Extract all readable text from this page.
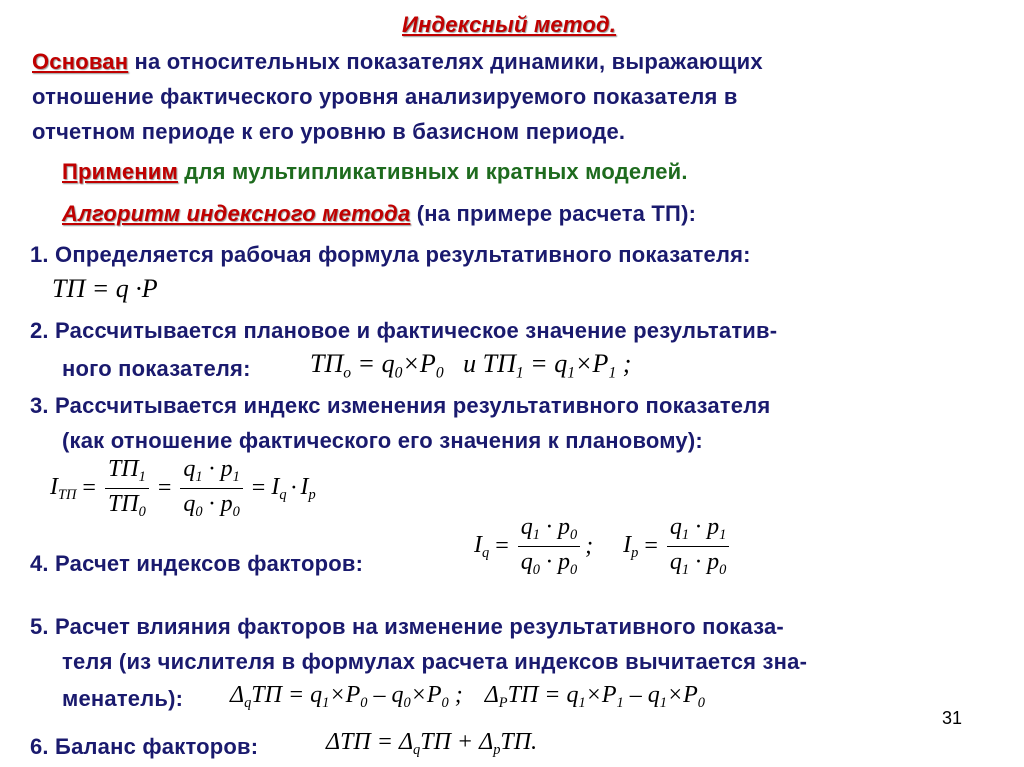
Индексный метод.
Основан на относительных показателях динамики, выражающих
отношение фактического уровня анализируемого показателя в
отчетном периоде к его уровню в базисном периоде.
Применим для мультипликативных и кратных моделей.
Алгоритм индексного метода (на примере расчета ТП):
1. Определяется рабочая формула результативного показателя:
ТП = q ·P
2. Рассчитывается плановое и фактическое значение результатив-
ного показателя: $ТП_o = q_0\times P_0$ и $ТП_1 = q_1\times P_1$ ;
3. Рассчитывается индекс изменения результативного показателя
(как отношение фактического его значения к плановому):
$I_{ТП} = \frac{ТП_1}{ТП_0} = \frac{q_1 \cdot p_1}{q_0 \cdot p_0} = I_q \cdot I_p$
4. Расчет индексов факторов:
$I_q = \frac{q_1 \cdot p_0}{q_0 \cdot p_0}$ ; $I_p = \frac{q_1 \cdot p_1}{q_1 \cdot p_0}$
5. Расчет влияния факторов на изменение результативного показа-
теля (из числителя в формулах расчета индексов вычитается зна-
менатель): $\Delta_qТП = q_1\times P_0 - q_0\times P_0$ ; $\Delta_PТП = q_1\times P_1 - q_1\times P_0$
31
6. Баланс факторов:	$\Delta ТП = \Delta_qТП + \Delta_pТП$.
